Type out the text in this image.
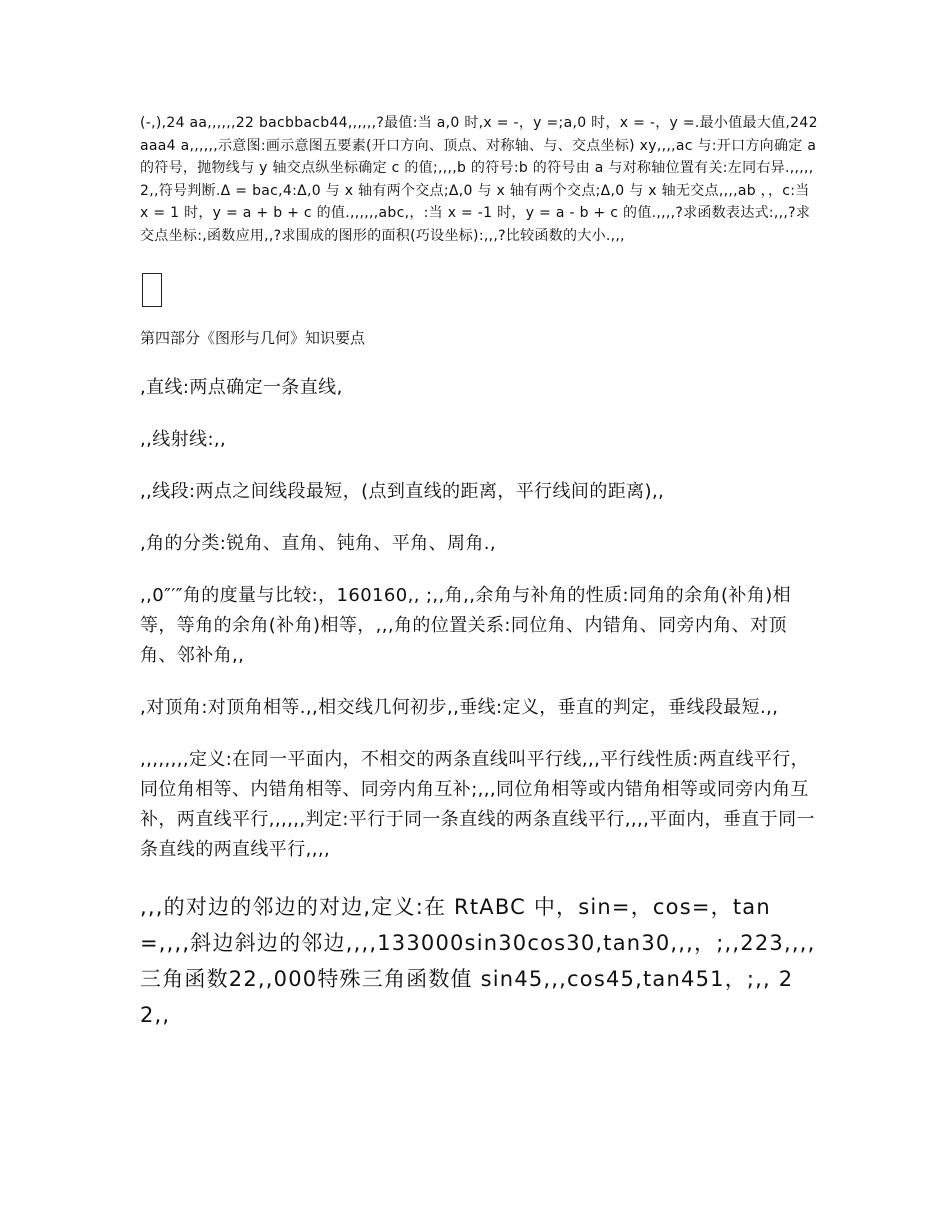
(-,),24 aa,,,,,,22 bacbbacb44,,,,,,?最值:当 a,0 时,x = -，y =;a,0 时，x = -，y =.最小值最大值,242 aaa4 a,,,,,,示意图:画示意图五要素(开口方向、顶点、对称轴、与、交点坐标) xy,,,,ac 与:开口方向确定 a 的符号，抛物线与 y 轴交点纵坐标确定 c 的值;,,,,b 的符号:b 的符号由 a 与对称轴位置有关:左同右异.,,,,,2,,符号判断.Δ = bac,4:Δ,0 与 x 轴有两个交点;Δ,0 与 x 轴有两个交点;Δ,0 与 x 轴无交点,,,,ab ，，c:当 x = 1 时，y = a + b + c 的值.,,,,,,abc,，:当 x = -1 时，y = a - b + c 的值.,,,,?求函数表达式:,,,?求交点坐标:,函数应用,,?求围成的图形的面积(巧设坐标):,,,?比较函数的大小.,,,

第四部分《图形与几何》知识要点

,直线:两点确定一条直线,

,,线射线:,,

,,线段:两点之间线段最短，(点到直线的距离，平行线间的距离),,

,角的分类:锐角、直角、钝角、平角、周角.,

,,0″′″角的度量与比较:，160160,, ;,,角,,余角与补角的性质:同角的余角(补角)相等，等角的余角(补角)相等，,,,角的位置关系:同位角、内错角、同旁内角、对顶角、邻补角,,

,对顶角:对顶角相等.,,相交线几何初步,,垂线:定义，垂直的判定，垂线段最短.,,

,,,,,,,,定义:在同一平面内，不相交的两条直线叫平行线,,,平行线性质:两直线平行，同位角相等、内错角相等、同旁内角互补;,,,同位角相等或内错角相等或同旁内角互补，两直线平行,,,,,,判定:平行于同一条直线的两条直线平行,,,,平面内，垂直于同一条直线的两直线平行,,,,

,,,的对边的邻边的对边,定义:在 RtABC 中，sin=，cos=，tan=,,,,斜边斜边的邻边,,,,133000sin30cos30,tan30,,,，;,,223,,,,三角函数22,,000特殊三角函数值 sin45,,,cos45,tan451，;,, 22,,
